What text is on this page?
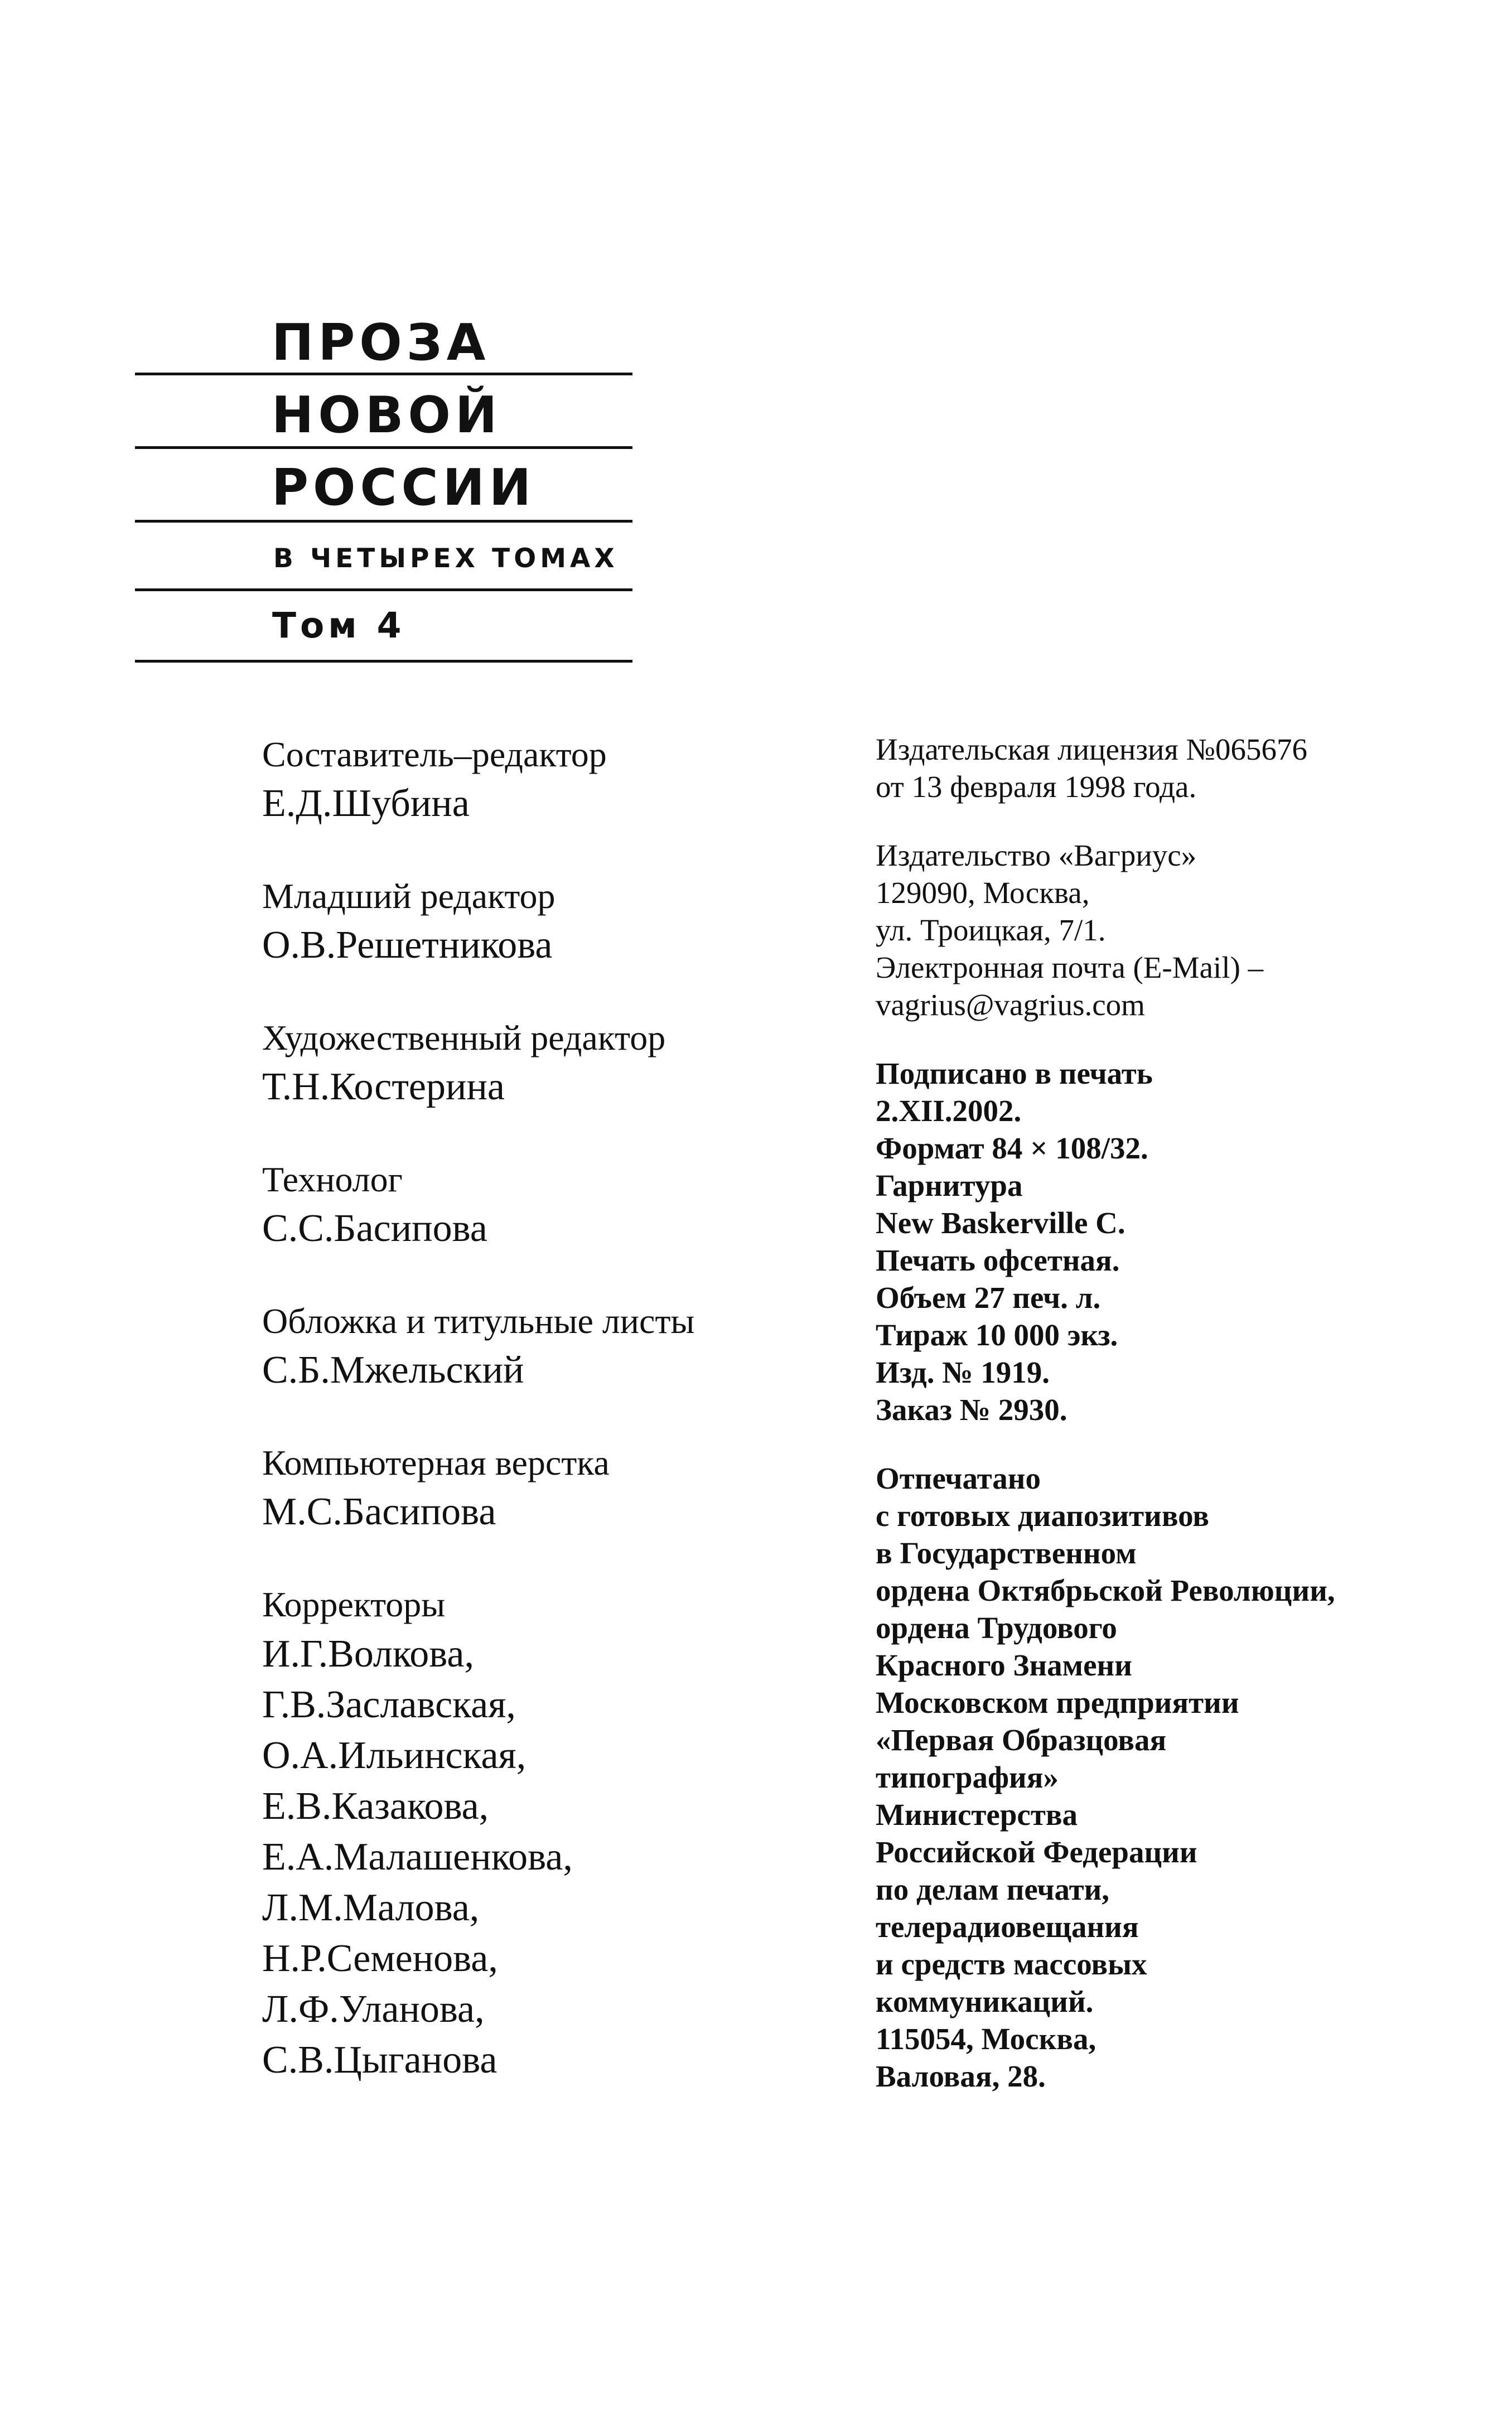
ПРОЗА
НОВОЙ
РОССИИ
В ЧЕТЫРЕХ ТОМАХ
Том 4
Составитель–редактор
Е.Д.Шубина
Младший редактор
О.В.Решетникова
Художественный редактор
Т.Н.Костерина
Технолог
С.С.Басипова
Обложка и титульные листы
С.Б.Мжельский
Компьютерная верстка
М.С.Басипова
Корректоры
И.Г.Волкова,
Г.В.Заславская,
О.А.Ильинская,
Е.В.Казакова,
Е.А.Малашенкова,
Л.М.Малова,
Н.Р.Семенова,
Л.Ф.Уланова,
С.В.Цыганова

Издательская лицензия №065676
от 13 февраля 1998 года.

Издательство «Вагриус»
129090, Москва,
ул. Троицкая, 7/1.
Электронная почта (E-Mail) –
vagrius@vagrius.com

Подписано в печать
2.XII.2002.
Формат 84 × 108/32.
Гарнитура
New Baskerville C.
Печать офсетная.
Объем 27 печ. л.
Тираж 10 000 экз.
Изд. № 1919.
Заказ № 2930.

Отпечатано
с готовых диапозитивов
в Государственном
ордена Октябрьской Революции,
ордена Трудового
Красного Знамени
Московском предприятии
«Первая Образцовая
типография»
Министерства
Российской Федерации
по делам печати,
телерадиовещания
и средств массовых
коммуникаций.
115054, Москва,
Валовая, 28.
